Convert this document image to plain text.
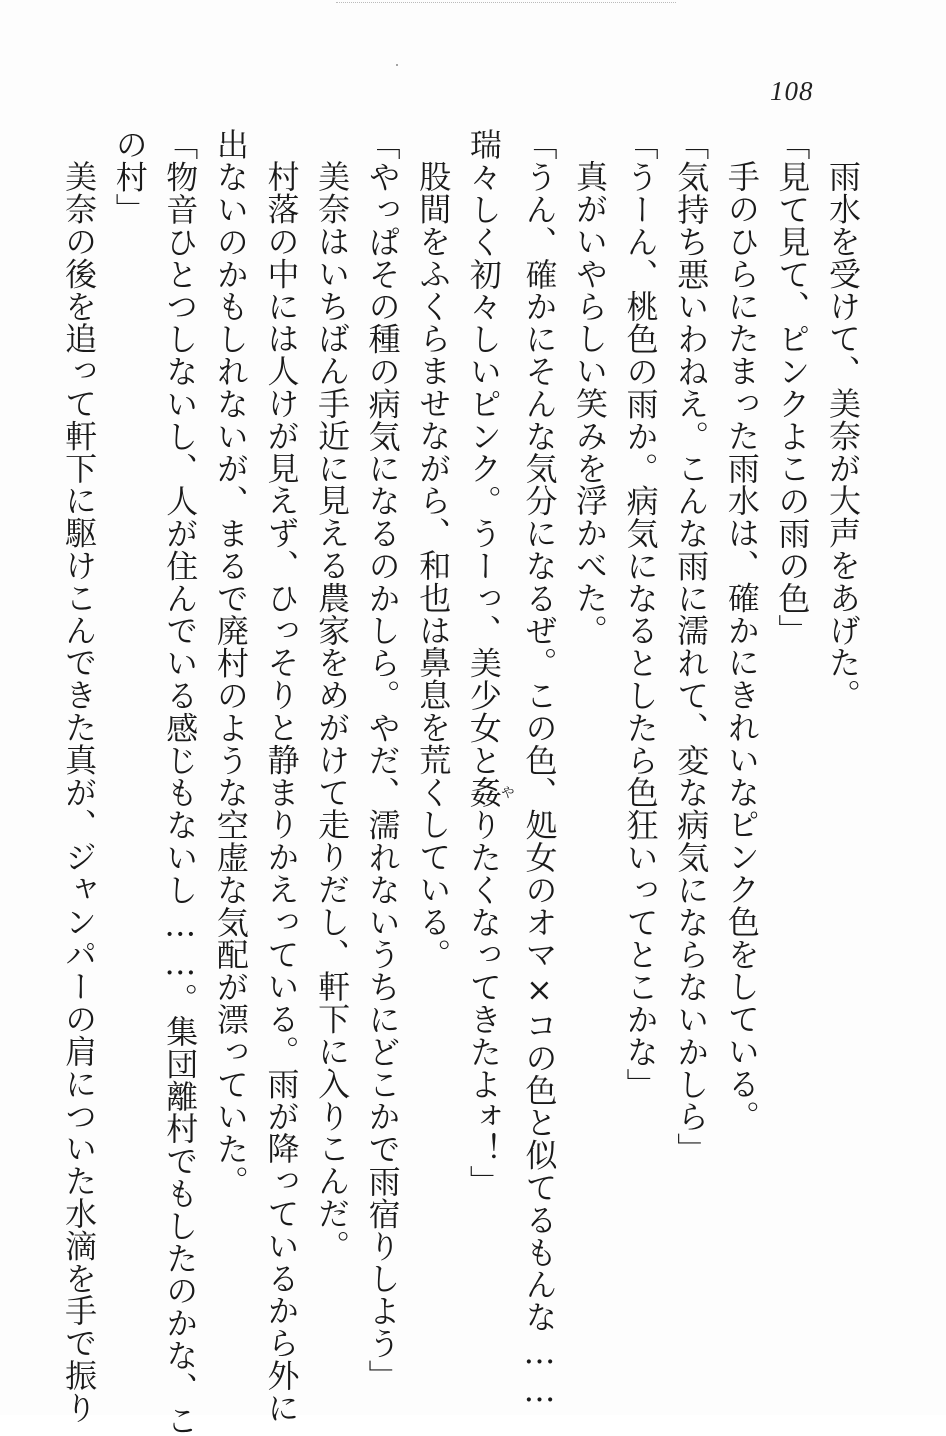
108
雨水を受けて、美奈が大声をあげた。
「見て見て、ピンクよこの雨の色」
手のひらにたまった雨水は、確かにきれいなピンク色をしている。
「気持ち悪いわねえ。こんな雨に濡れて、変な病気にならないかしら」
「うーん、桃色の雨か。病気になるとしたら色狂いってとこかな」
真がいやらしい笑みを浮かべた。
「うん、確かにそんな気分になるぜ。この色、処女のオマ×コの色と似てるもんな……
瑞々しく初々しいピンク。うーっ、美少女と姦やりたくなってきたよォ！」
股間をふくらませながら、和也は鼻息を荒くしている。
「やっぱその種の病気になるのかしら。やだ、濡れないうちにどこかで雨宿りしよう」
美奈はいちばん手近に見える農家をめがけて走りだし、軒下に入りこんだ。
村落の中には人けが見えず、ひっそりと静まりかえっている。雨が降っているから外に
出ないのかもしれないが、まるで廃村のような空虚な気配が漂っていた。
「物音ひとつしないし、人が住んでいる感じもないし……。集団離村でもしたのかな、こ
の村」
美奈の後を追って軒下に駆けこんできた真が、ジャンパーの肩についた水滴を手で振り
